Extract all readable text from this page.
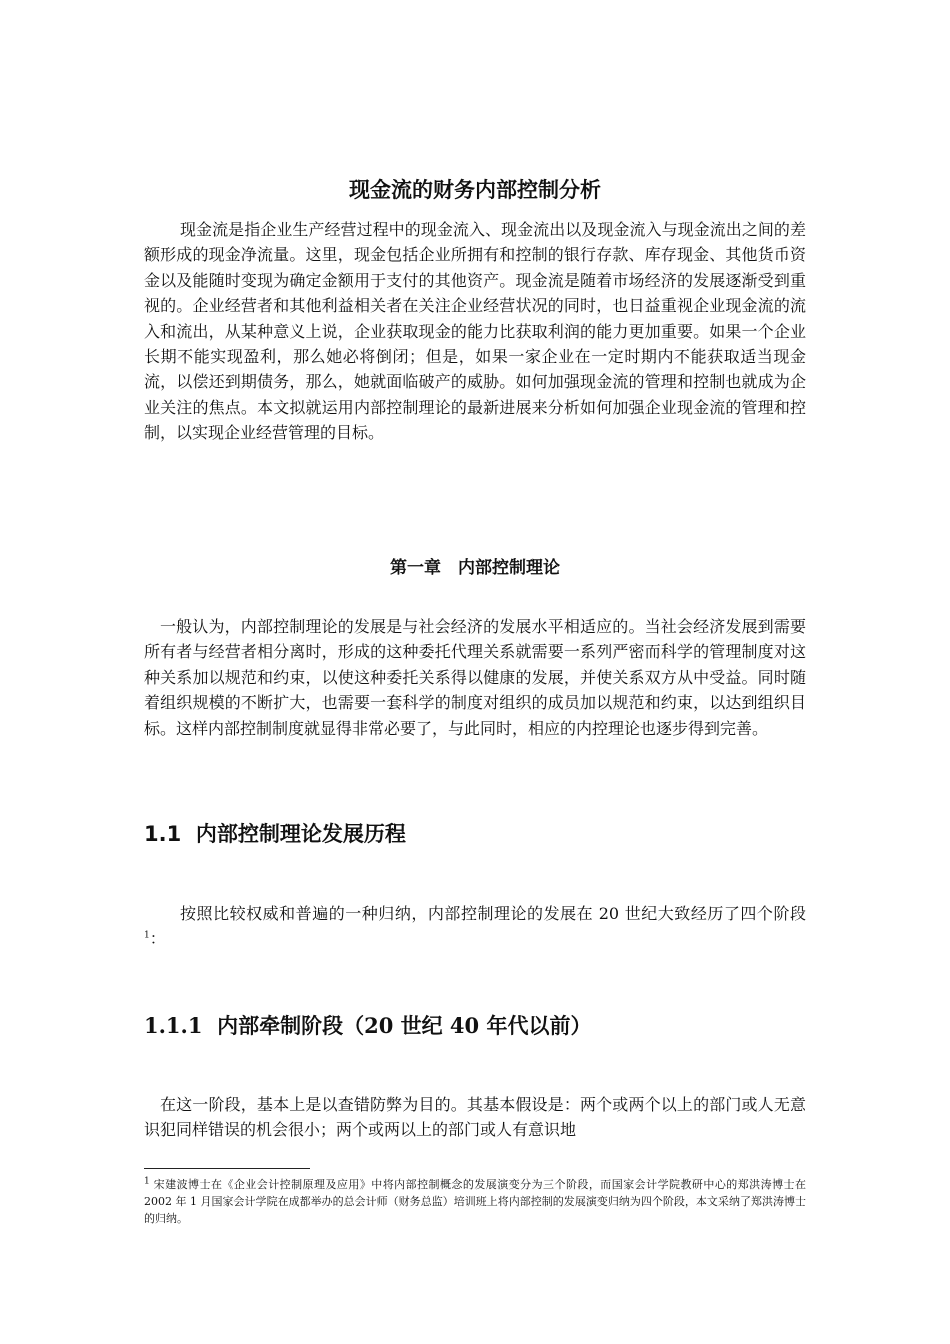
现金流的财务内部控制分析

现金流是指企业生产经营过程中的现金流入、现金流出以及现金流入与现金流出之间的差额形成的现金净流量。这里，现金包括企业所拥有和控制的银行存款、库存现金、其他货币资金以及能随时变现为确定金额用于支付的其他资产。现金流是随着市场经济的发展逐渐受到重视的。企业经营者和其他利益相关者在关注企业经营状况的同时，也日益重视企业现金流的流入和流出，从某种意义上说，企业获取现金的能力比获取利润的能力更加重要。如果一个企业长期不能实现盈利，那么她必将倒闭；但是，如果一家企业在一定时期内不能获取适当现金流，以偿还到期债务，那么，她就面临破产的威胁。如何加强现金流的管理和控制也就成为企业关注的焦点。本文拟就运用内部控制理论的最新进展来分析如何加强企业现金流的管理和控制，以实现企业经营管理的目标。

第一章　内部控制理论

一般认为，内部控制理论的发展是与社会经济的发展水平相适应的。当社会经济发展到需要所有者与经营者相分离时，形成的这种委托代理关系就需要一系列严密而科学的管理制度对这种关系加以规范和约束，以使这种委托关系得以健康的发展，并使关系双方从中受益。同时随着组织规模的不断扩大，也需要一套科学的制度对组织的成员加以规范和约束，以达到组织目标。这样内部控制制度就显得非常必要了，与此同时，相应的内控理论也逐步得到完善。

1.1  内部控制理论发展历程

按照比较权威和普遍的一种归纳，内部控制理论的发展在 20 世纪大致经历了四个阶段$^1$：

1.1.1  内部牵制阶段（20 世纪 40 年代以前）

在这一阶段，基本上是以查错防弊为目的。其基本假设是：两个或两个以上的部门或人无意识犯同样错误的机会很小；两个或两以上的部门或人有意识地

$^1$ 宋建波博士在《企业会计控制原理及应用》中将内部控制概念的发展演变分为三个阶段，而国家会计学院教研中心的郑洪涛博士在 2002 年 1 月国家会计学院在成都举办的总会计师（财务总监）培训班上将内部控制的发展演变归纳为四个阶段，本文采纳了郑洪涛博士的归纳。
